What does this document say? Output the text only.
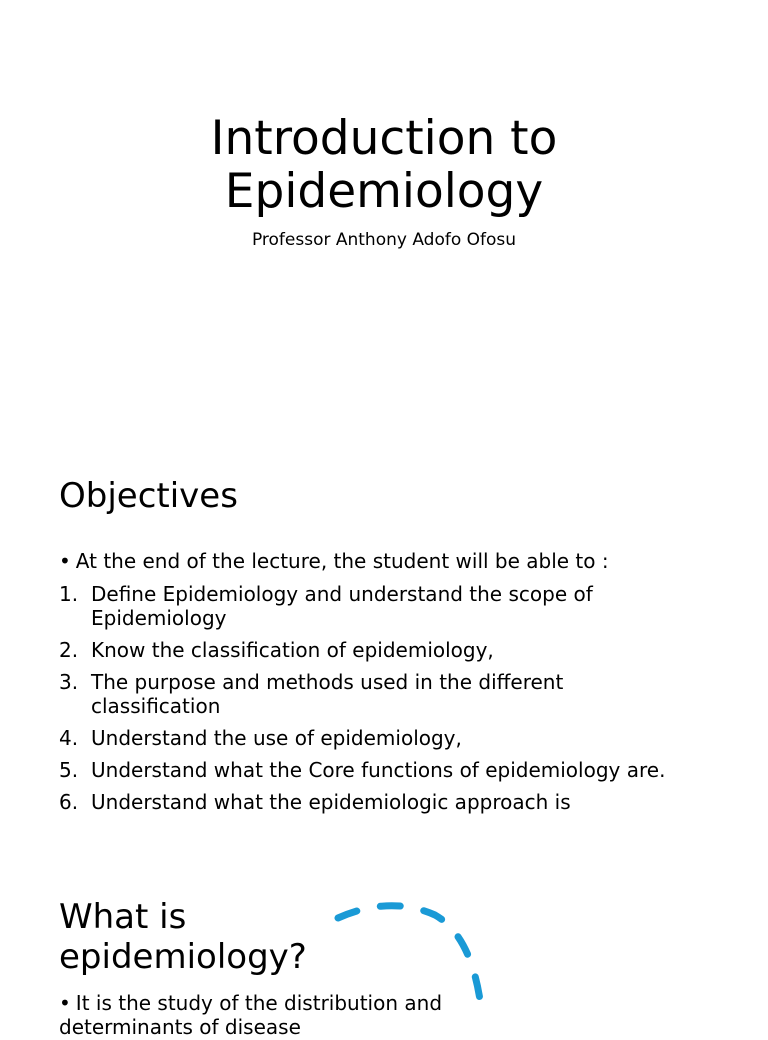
Introduction to
Epidemiology
Professor Anthony Adofo Ofosu
Objectives
• At the end of the lecture, the student will be able to :
1. Define Epidemiology and understand the scope of Epidemiology
2. Know the classification of epidemiology,
3. The purpose and methods used in the different classification
4. Understand the use of epidemiology,
5. Understand what the Core functions of epidemiology are.
6. Understand what the epidemiologic approach is
What is
epidemiology?
• It is the study of the distribution and determinants of disease
